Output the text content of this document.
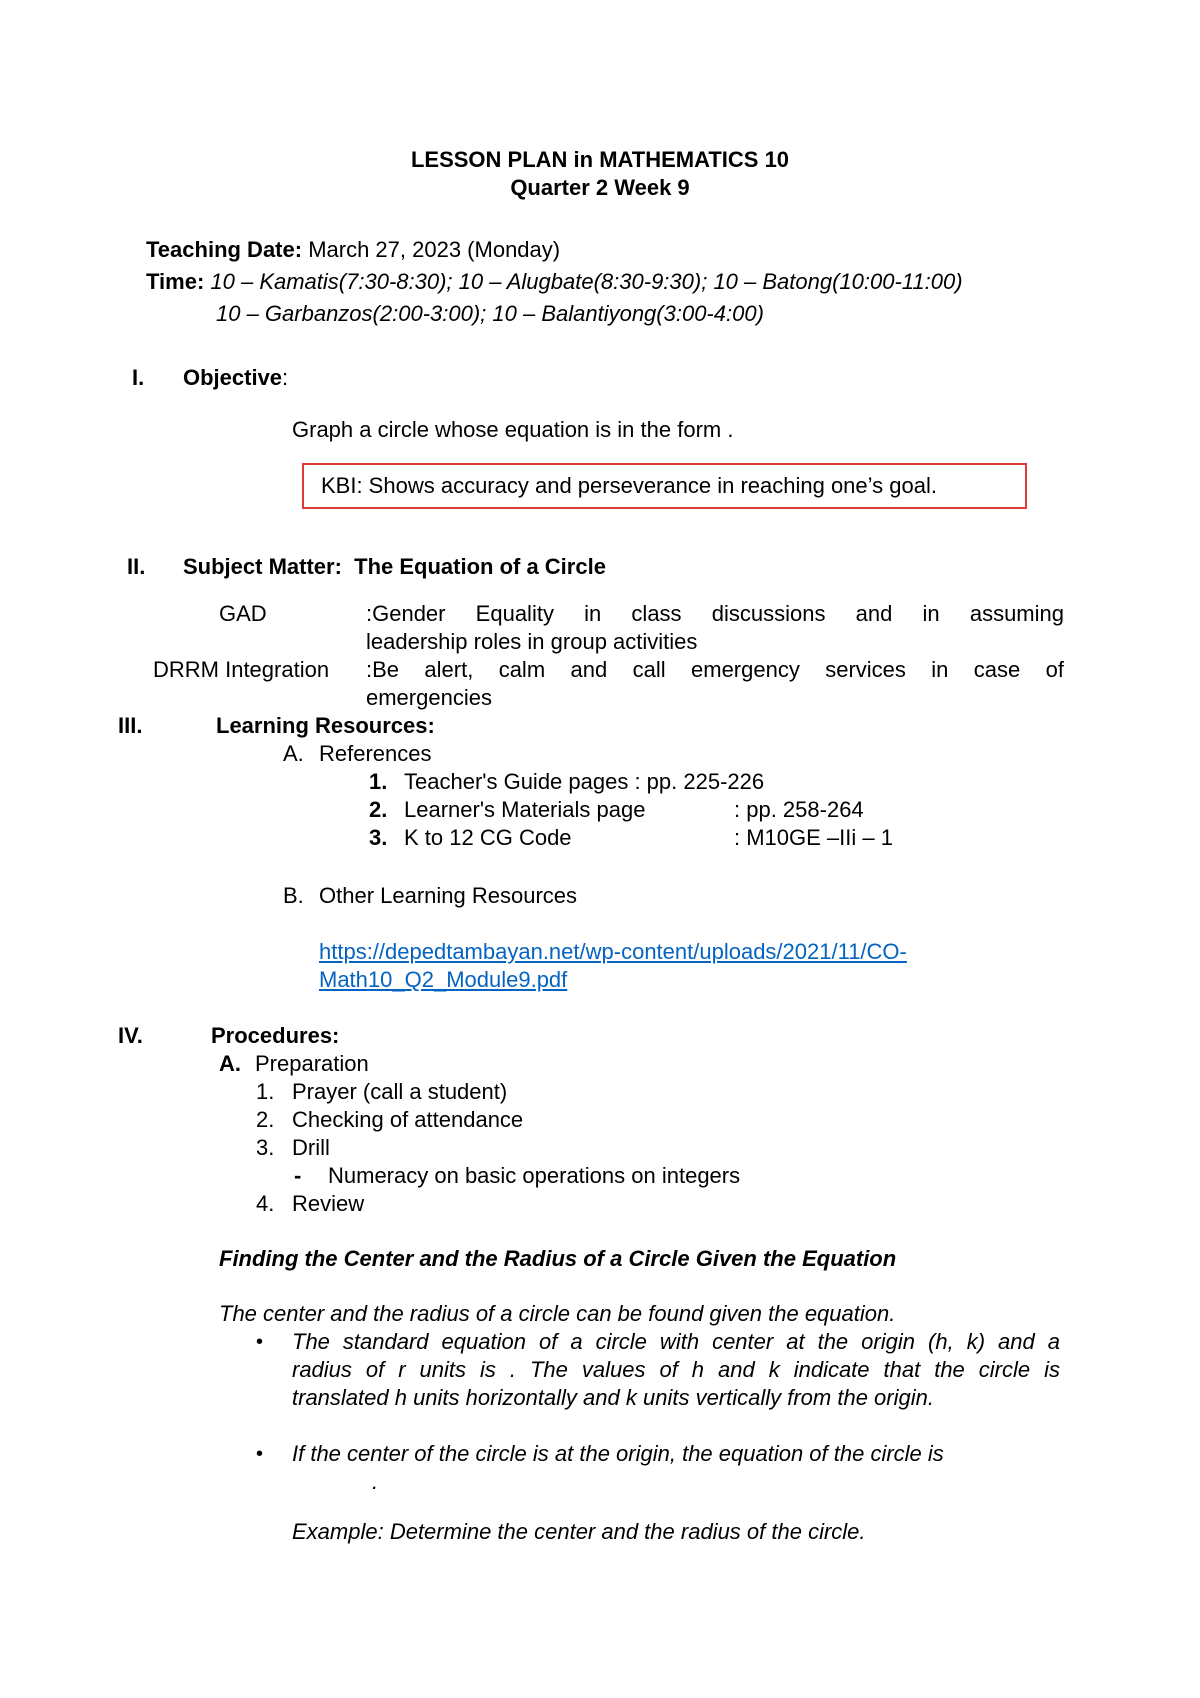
LESSON PLAN in MATHEMATICS 10
Quarter 2 Week 9
Teaching Date: March 27, 2023 (Monday)
Time: 10 – Kamatis(7:30-8:30); 10 – Alugbate(8:30-9:30); 10 – Batong(10:00-11:00)
10 – Garbanzos(2:00-3:00); 10 – Balantiyong(3:00-4:00)
I. Objective:
Graph a circle whose equation is in the form .
KBI: Shows accuracy and perseverance in reaching one’s goal.
II. Subject Matter:  The Equation of a Circle
GAD	:Gender Equality in class discussions and in assuming
leadership roles in group activities
DRRM Integration :Be alert, calm and call emergency services in case of
emergencies
III.	Learning Resources:
A. References
1. Teacher's Guide pages : pp. 225-226
2. Learner's Materials page	: pp. 258-264
3. K to 12 CG Code	: M10GE –IIi – 1
B. Other Learning Resources
https://depedtambayan.net/wp-content/uploads/2021/11/CO-
Math10_Q2_Module9.pdf
IV.	Procedures:
A. Preparation
1. Prayer (call a student)
2. Checking of attendance
3. Drill
- Numeracy on basic operations on integers
4. Review
Finding the Center and the Radius of a Circle Given the Equation
The center and the radius of a circle can be found given the equation.
• The standard equation of a circle with center at the origin (h, k) and a
radius of r units is . The values of h and k indicate that the circle is
translated h units horizontally and k units vertically from the origin.
• If the center of the circle is at the origin, the equation of the circle is
.
Example: Determine the center and the radius of the circle.
